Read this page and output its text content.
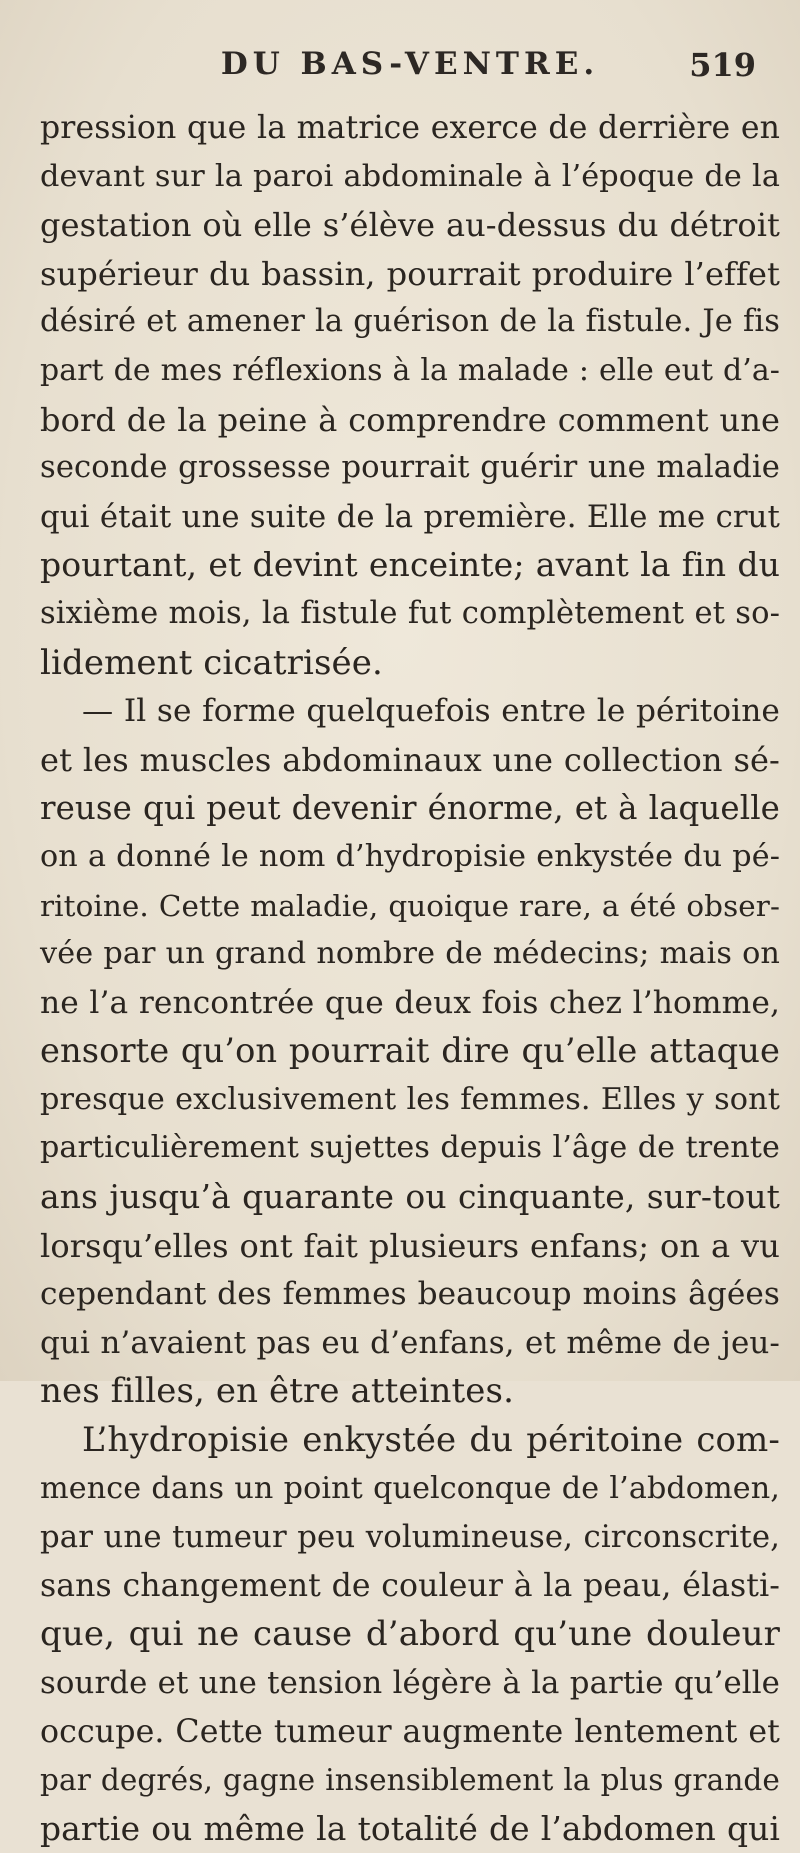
DU BAS-VENTRE.	519
pression que la matrice exerce de derrière en
devant sur la paroi abdominale à l’époque de la
gestation où elle s’élève au-dessus du détroit
supérieur du bassin, pourrait produire l’effet
désiré et amener la guérison de la fistule. Je fis
part de mes réflexions à la malade : elle eut d’a-
bord de la peine à comprendre comment une
seconde grossesse pourrait guérir une maladie
qui était une suite de la première. Elle me crut
pourtant, et devint enceinte; avant la fin du
sixième mois, la fistule fut complètement et so-
lidement cicatrisée.
— Il se forme quelquefois entre le péritoine
et les muscles abdominaux une collection sé-
reuse qui peut devenir énorme, et à laquelle
on a donné le nom d’hydropisie enkystée du pé-
ritoine. Cette maladie, quoique rare, a été obser-
vée par un grand nombre de médecins; mais on
ne l’a rencontrée que deux fois chez l’homme,
ensorte qu’on pourrait dire qu’elle attaque
presque exclusivement les femmes. Elles y sont
particulièrement sujettes depuis l’âge de trente
ans jusqu’à quarante ou cinquante, sur-tout
lorsqu’elles ont fait plusieurs enfans; on a vu
cependant des femmes beaucoup moins âgées
qui n’avaient pas eu d’enfans, et même de jeu-
nes filles, en être atteintes.
L’hydropisie enkystée du péritoine com-
mence dans un point quelconque de l’abdomen,
par une tumeur peu volumineuse, circonscrite,
sans changement de couleur à la peau, élasti-
que, qui ne cause d’abord qu’une douleur
sourde et une tension légère à la partie qu’elle
occupe. Cette tumeur augmente lentement et
par degrés, gagne insensiblement la plus grande
partie ou même la totalité de l’abdomen qui
